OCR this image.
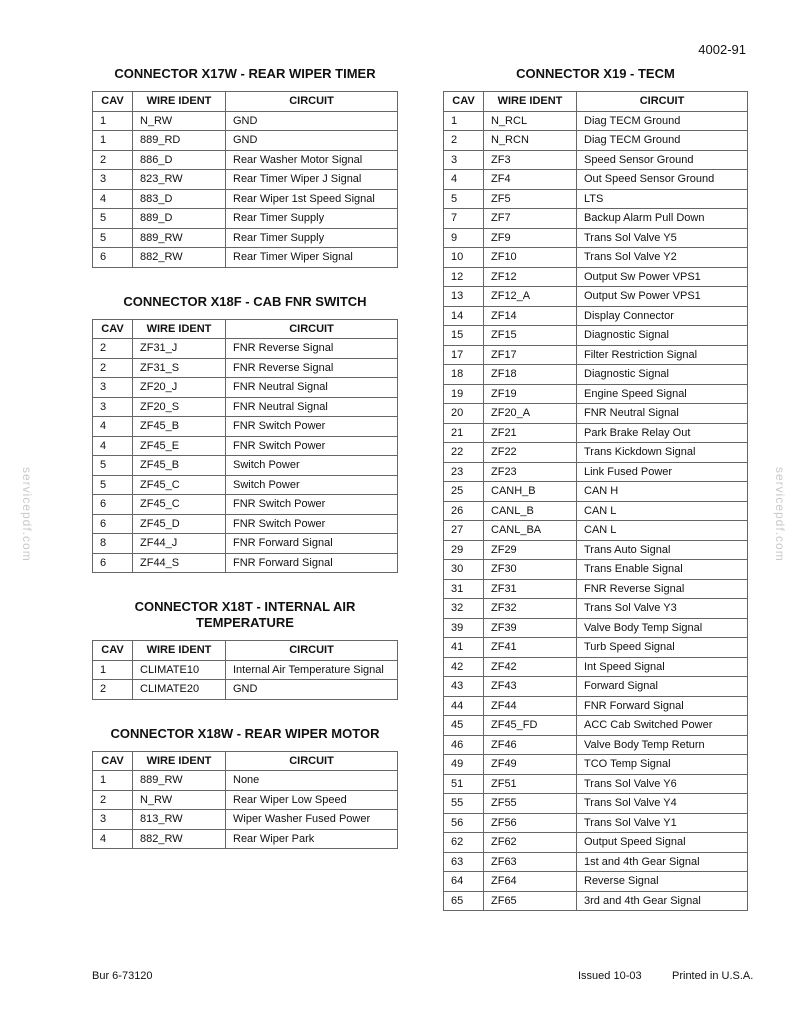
4002-91
servicepdf.com	servicepdf.com

CONNECTOR X17W - REAR WIPER TIMER

CAV	WIRE IDENT	CIRCUIT
1	N_RW	GND
1	889_RD	GND
2	886_D	Rear Washer Motor Signal
3	823_RW	Rear Timer Wiper J Signal
4	883_D	Rear Wiper 1st Speed Signal
5	889_D	Rear Timer Supply
5	889_RW	Rear Timer Supply
6	882_RW	Rear Timer Wiper Signal

CONNECTOR X18F - CAB FNR SWITCH

CAV	WIRE IDENT	CIRCUIT
2	ZF31_J	FNR Reverse Signal
2	ZF31_S	FNR Reverse Signal
3	ZF20_J	FNR Neutral Signal
3	ZF20_S	FNR Neutral Signal
4	ZF45_B	FNR Switch Power
4	ZF45_E	FNR Switch Power
5	ZF45_B	Switch Power
5	ZF45_C	Switch Power
6	ZF45_C	FNR Switch Power
6	ZF45_D	FNR Switch Power
8	ZF44_J	FNR Forward Signal
6	ZF44_S	FNR Forward Signal

CONNECTOR X18T - INTERNAL AIR
TEMPERATURE

CAV	WIRE IDENT	CIRCUIT
1	CLIMATE10	Internal Air Temperature Signal
2	CLIMATE20	GND

CONNECTOR X18W - REAR WIPER MOTOR

CAV	WIRE IDENT	CIRCUIT
1	889_RW	None
2	N_RW	Rear Wiper Low Speed
3	813_RW	Wiper Washer Fused Power
4	882_RW	Rear Wiper Park

CONNECTOR X19 - TECM

CAV	WIRE IDENT	CIRCUIT
1	N_RCL	Diag TECM Ground
2	N_RCN	Diag TECM Ground
3	ZF3	Speed Sensor Ground
4	ZF4	Out Speed Sensor Ground
5	ZF5	LTS
7	ZF7	Backup Alarm Pull Down
9	ZF9	Trans Sol Valve Y5
10	ZF10	Trans Sol Valve Y2
12	ZF12	Output Sw Power VPS1
13	ZF12_A	Output Sw Power VPS1
14	ZF14	Display Connector
15	ZF15	Diagnostic Signal
17	ZF17	Filter Restriction Signal
18	ZF18	Diagnostic Signal
19	ZF19	Engine Speed Signal
20	ZF20_A	FNR Neutral Signal
21	ZF21	Park Brake Relay Out
22	ZF22	Trans Kickdown Signal
23	ZF23	Link Fused Power
25	CANH_B	CAN H
26	CANL_B	CAN L
27	CANL_BA	CAN L
29	ZF29	Trans Auto Signal
30	ZF30	Trans Enable Signal
31	ZF31	FNR Reverse Signal
32	ZF32	Trans Sol Valve Y3
39	ZF39	Valve Body Temp Signal
41	ZF41	Turb Speed Signal
42	ZF42	Int Speed Signal
43	ZF43	Forward Signal
44	ZF44	FNR Forward Signal
45	ZF45_FD	ACC Cab Switched Power
46	ZF46	Valve Body Temp Return
49	ZF49	TCO Temp Signal
51	ZF51	Trans Sol Valve Y6
55	ZF55	Trans Sol Valve Y4
56	ZF56	Trans Sol Valve Y1
62	ZF62	Output Speed Signal
63	ZF63	1st and 4th Gear Signal
64	ZF64	Reverse Signal
65	ZF65	3rd and 4th Gear Signal
Bur 6-73120	Issued 10-03	Printed in U.S.A.
